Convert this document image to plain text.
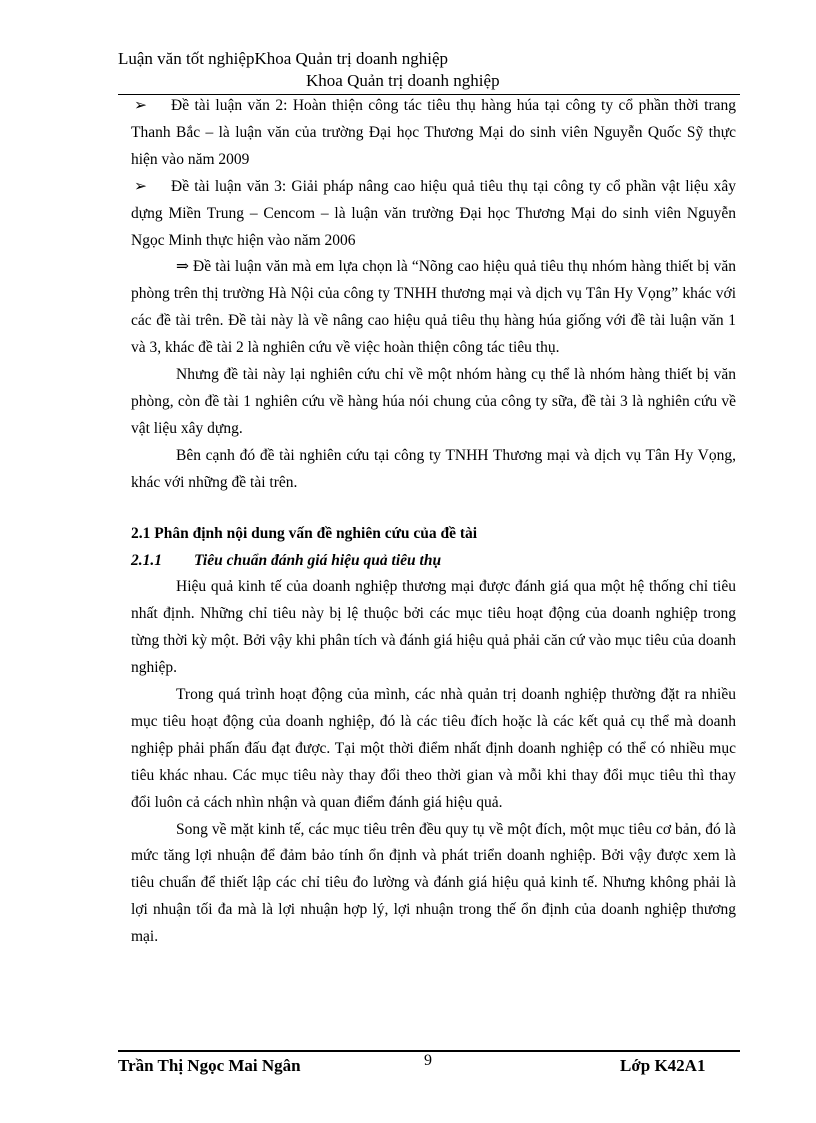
Luận văn tốt nghiệpKhoa Quản trị doanh nghiệp
Khoa Quản trị doanh nghiệp

➢ Đề tài luận văn 2: Hoàn thiện công tác tiêu thụ hàng húa tại công ty cổ phần thời trang Thanh Bắc – là luận văn của trường Đại học Thương Mại do sinh viên Nguyễn Quốc Sỹ thực hiện vào năm 2009

➢ Đề tài luận văn 3: Giải pháp nâng cao hiệu quả tiêu thụ tại công ty cổ phần vật liệu xây dựng Miền Trung – Cencom – là luận văn trường Đại học Thương Mại do sinh viên Nguyễn Ngọc Minh thực hiện vào năm 2006

⇒ Đề tài luận văn mà em lựa chọn là “Nõng cao hiệu quả tiêu thụ nhóm hàng thiết bị văn phòng trên thị trường Hà Nội của công ty TNHH thương mại và dịch vụ Tân Hy Vọng” khác với các đề tài trên. Đề tài này là về nâng cao hiệu quả tiêu thụ hàng húa giống với đề tài luận văn 1 và 3, khác đề tài 2 là nghiên cứu về việc hoàn thiện công tác tiêu thụ.

Nhưng đề tài này lại nghiên cứu chỉ về một nhóm hàng cụ thể là nhóm hàng thiết bị văn phòng, còn đề tài 1 nghiên cứu về hàng húa nói chung của công ty sữa, đề tài 3 là nghiên cứu về vật liệu xây dựng.

Bên cạnh đó đề tài nghiên cứu tại công ty TNHH Thương mại và dịch vụ Tân Hy Vọng, khác với những đề tài trên.

2.1 Phân định nội dung vấn đề nghiên cứu của đề tài

2.1.1 Tiêu chuẩn đánh giá hiệu quả tiêu thụ

Hiệu quả kinh tế của doanh nghiệp thương mại được đánh giá qua một hệ thống chỉ tiêu nhất định. Những chỉ tiêu này bị lệ thuộc bởi các mục tiêu hoạt động của doanh nghiệp trong từng thời kỳ một. Bởi vậy khi phân tích và đánh giá hiệu quả phải căn cứ vào mục tiêu của doanh nghiệp.

Trong quá trình hoạt động của mình, các nhà quản trị doanh nghiệp thường đặt ra nhiều mục tiêu hoạt động của doanh nghiệp, đó là các tiêu đích hoặc là các kết quả cụ thể mà doanh nghiệp phải phấn đấu đạt được. Tại một thời điểm nhất định doanh nghiệp có thể có nhiều mục tiêu khác nhau. Các mục tiêu này thay đổi theo thời gian và mỗi khi thay đổi mục tiêu thì thay đổi luôn cả cách nhìn nhận và quan điểm đánh giá hiệu quả.

Song về mặt kinh tế, các mục tiêu trên đều quy tụ về một đích, một mục tiêu cơ bản, đó là mức tăng lợi nhuận để đảm bảo tính ổn định và phát triển doanh nghiệp. Bởi vậy được xem là tiêu chuẩn để thiết lập các chỉ tiêu đo lường và đánh giá hiệu quả kinh tế. Nhưng không phải là lợi nhuận tối đa mà là lợi nhuận hợp lý, lợi nhuận trong thế ổn định của doanh nghiệp thương mại.

Trần Thị Ngọc Mai Ngân	9	Lớp K42A1
